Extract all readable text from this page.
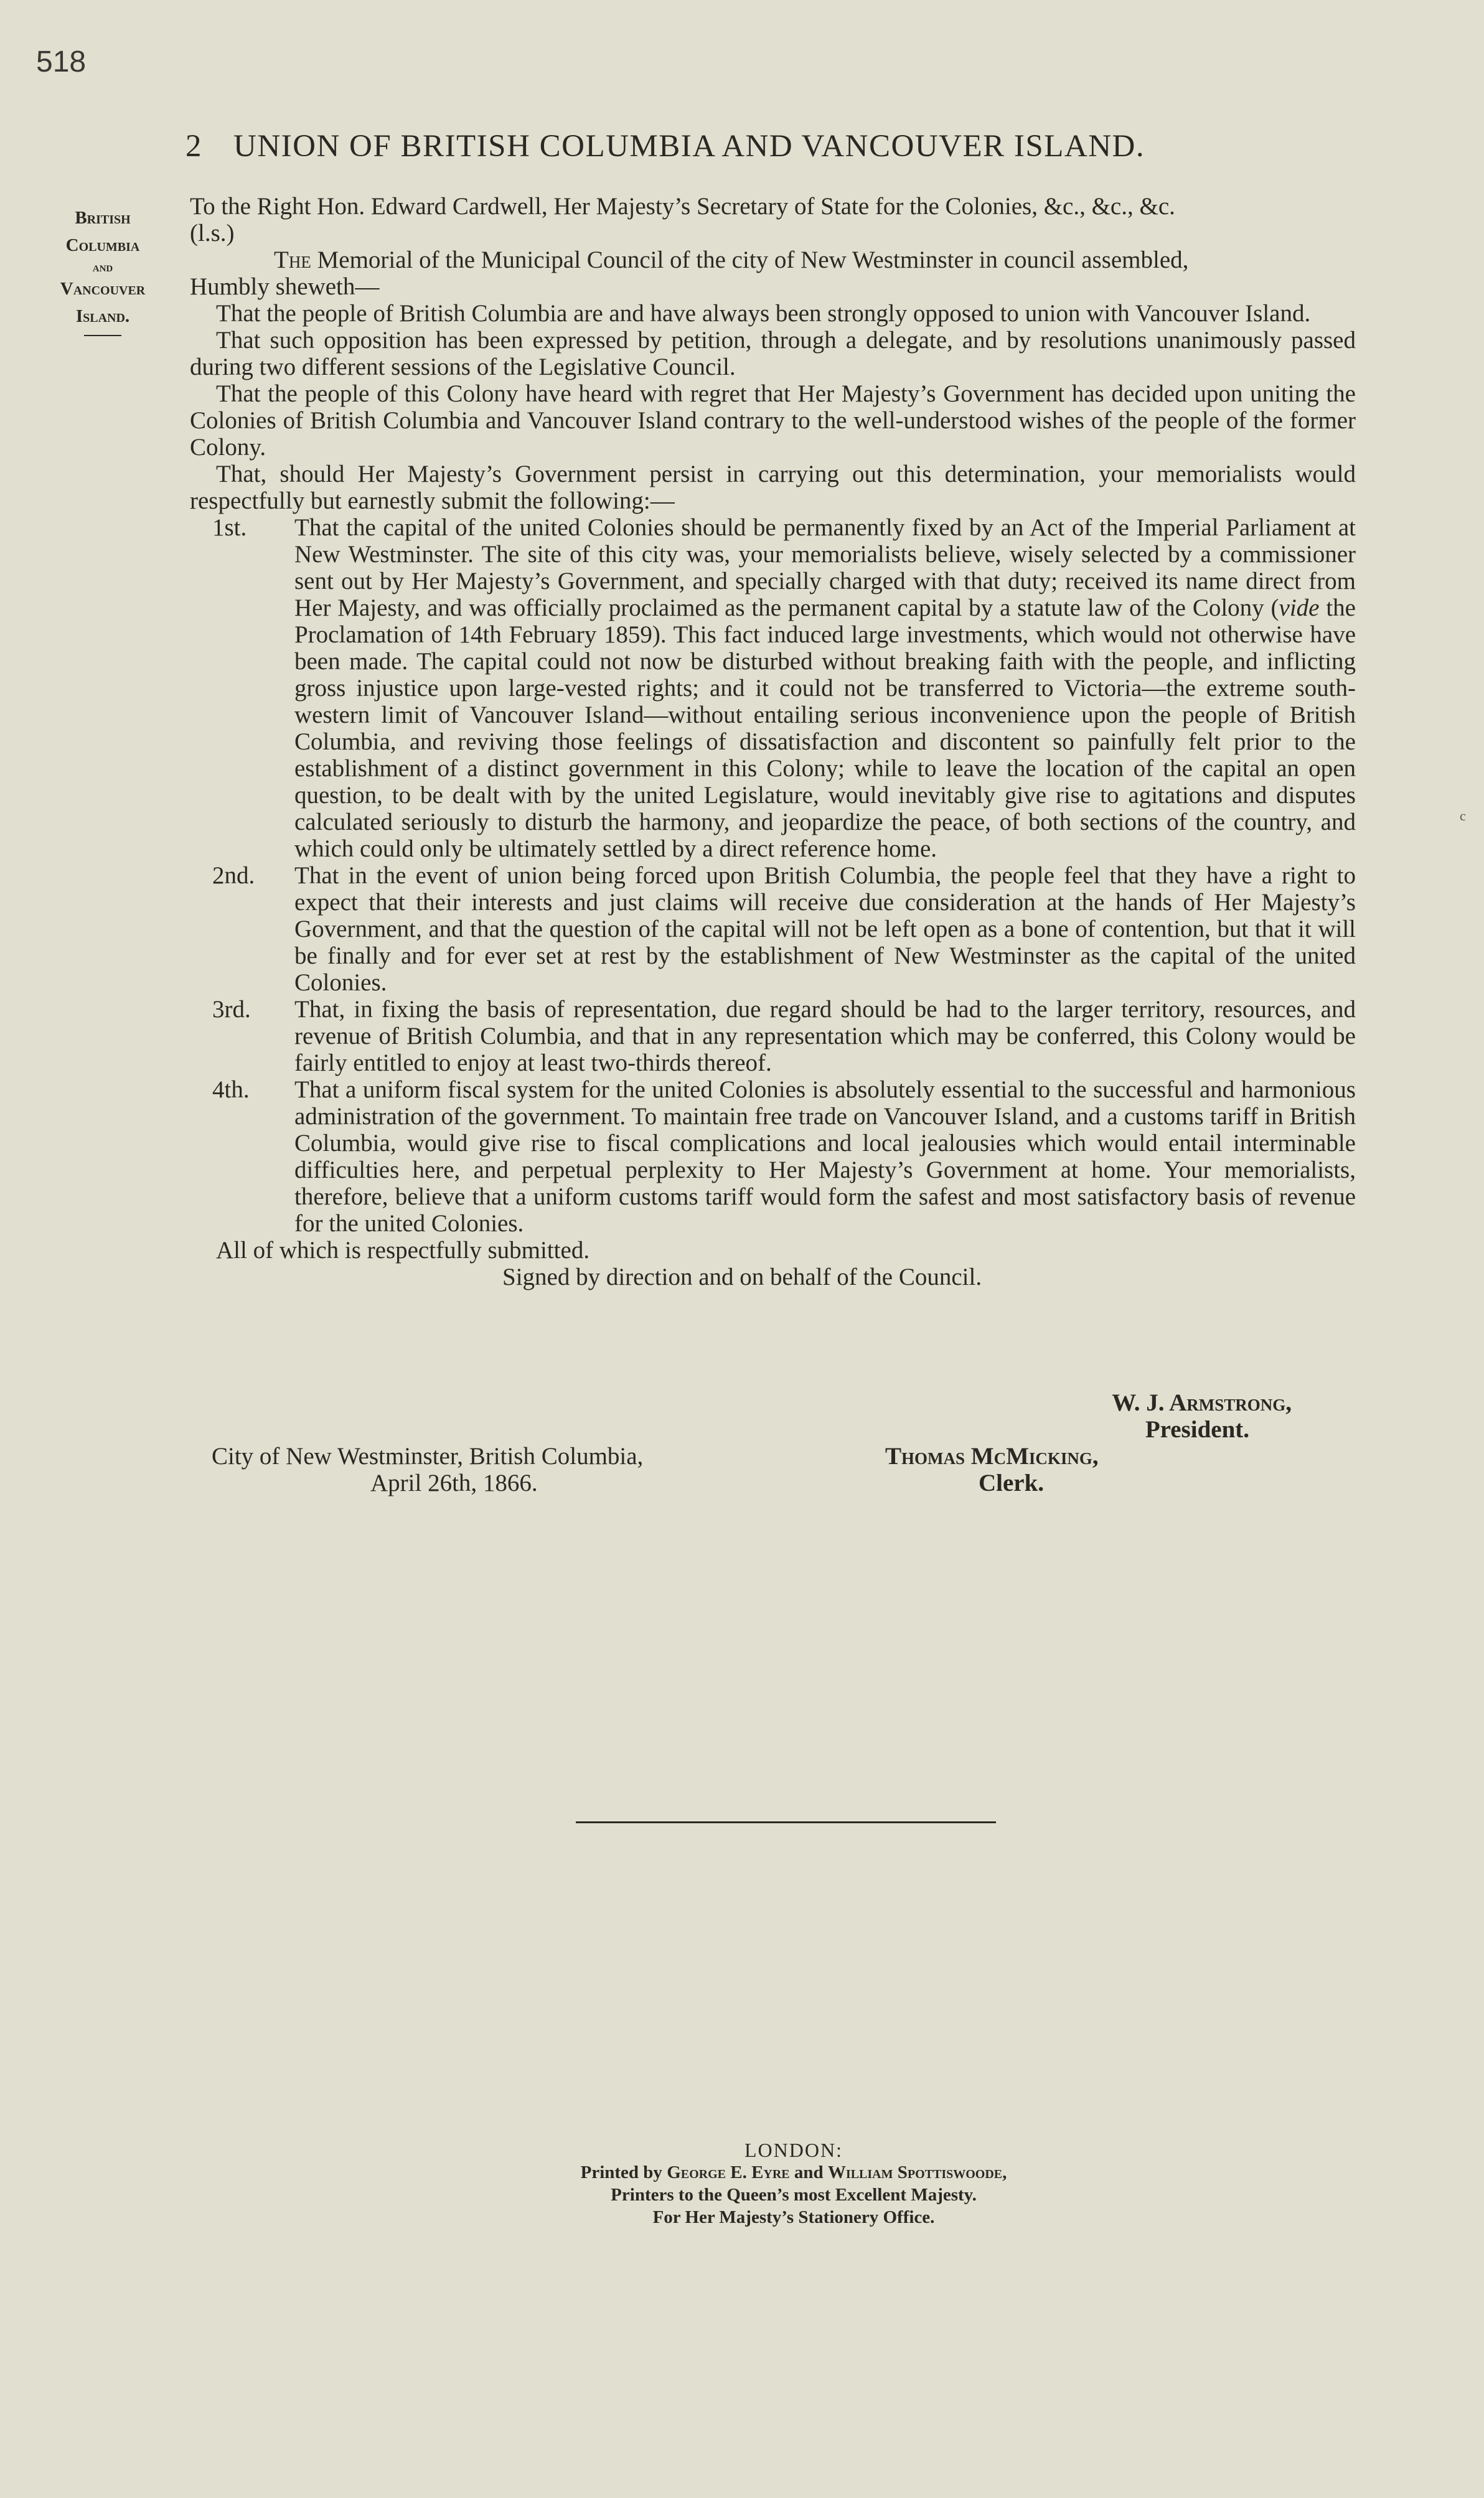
518
2 UNION OF BRITISH COLUMBIA AND VANCOUVER ISLAND.
British
Columbia
and
Vancouver
Island.

To the Right Hon. Edward Cardwell, Her Majesty’s Secretary of State for the Colonies, &c., &c., &c.

(l.s.)

The Memorial of the Municipal Council of the city of New Westminster in council assembled,

Humbly sheweth—

That the people of British Columbia are and have always been strongly opposed to union with Vancouver Island.

That such opposition has been expressed by petition, through a delegate, and by resolutions unanimously passed during two different sessions of the Legislative Council.

That the people of this Colony have heard with regret that Her Majesty’s Government has decided upon uniting the Colonies of British Columbia and Vancouver Island contrary to the well-understood wishes of the people of the former Colony.

That, should Her Majesty’s Government persist in carrying out this determination, your memorialists would respectfully but earnestly submit the following:—

1st. That the capital of the united Colonies should be permanently fixed by an Act of the Imperial Parliament at New Westminster. The site of this city was, your memorialists believe, wisely selected by a commissioner sent out by Her Majesty’s Government, and specially charged with that duty; received its name direct from Her Majesty, and was officially proclaimed as the permanent capital by a statute law of the Colony (vide the Proclamation of 14th February 1859). This fact induced large investments, which would not otherwise have been made. The capital could not now be disturbed without breaking faith with the people, and inflicting gross injustice upon large-vested rights; and it could not be transferred to Victoria—the extreme south-western limit of Vancouver Island—without entailing serious inconvenience upon the people of British Columbia, and reviving those feelings of dissatisfaction and discontent so painfully felt prior to the establishment of a distinct government in this Colony; while to leave the location of the capital an open question, to be dealt with by the united Legislature, would inevitably give rise to agitations and disputes calculated seriously to disturb the harmony, and jeopardize the peace, of both sections of the country, and which could only be ultimately settled by a direct reference home.

2nd. That in the event of union being forced upon British Columbia, the people feel that they have a right to expect that their interests and just claims will receive due consideration at the hands of Her Majesty’s Government, and that the question of the capital will not be left open as a bone of contention, but that it will be finally and for ever set at rest by the establishment of New Westminster as the capital of the united Colonies.

3rd. That, in fixing the basis of representation, due regard should be had to the larger territory, resources, and revenue of British Columbia, and that in any representation which may be conferred, this Colony would be fairly entitled to enjoy at least two-thirds thereof.

4th. That a uniform fiscal system for the united Colonies is absolutely essential to the successful and harmonious administration of the government. To maintain free trade on Vancouver Island, and a customs tariff in British Columbia, would give rise to fiscal complications and local jealousies which would entail interminable difficulties here, and perpetual perplexity to Her Majesty’s Government at home. Your memorialists, therefore, believe that a uniform customs tariff would form the safest and most satisfactory basis of revenue for the united Colonies.

All of which is respectfully submitted.

Signed by direction and on behalf of the Council.

W. J. Armstrong,
President.
City of New Westminster, British Columbia,
April 26th, 1866.
Thomas McMicking,
Clerk.
LONDON:
Printed by George E. Eyre and William Spottiswoode,
Printers to the Queen’s most Excellent Majesty.
For Her Majesty’s Stationery Office.
c
